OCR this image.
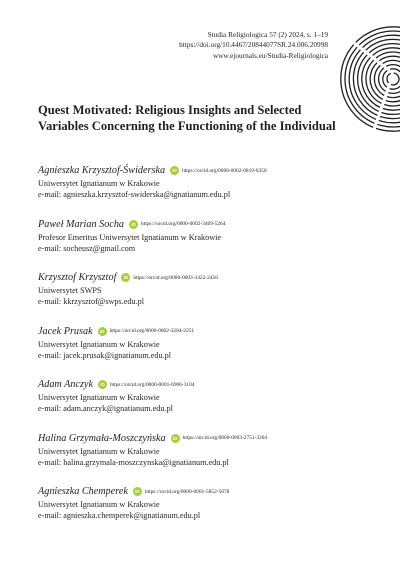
Studia Religiologica 57 (2) 2024, s. 1–19
https://doi.org/10.4467/20844077SR.24.006.20998
www.ejournals.eu/Studia-Religiologica
Quest Motivated: Religious Insights and Selected Variables Concerning the Functioning of the Individual
Agnieszka Krzysztof-Świderska	iD https://orcid.org/0000-0002-0819-0350
Uniwersytet Ignatianum w Krakowie
e-mail: agnieszka.krzysztof-swiderska@ignatianum.edu.pl
Paweł Marian Socha	iD https://orcid.org/0000-0002-3469-5264
Profesor Emeritus Uniwersytet Ignatianum w Krakowie
e-mail: socheusz@gmail.com
Krzysztof Krzysztof	iD https://orcid.org/0000-0003-3422-2456
Uniwersytet SWPS
e-mail: kkrzysztof@swps.edu.pl
Jacek Prusak	iD https://orcid.org/0000-0002-3204-2251
Uniwersytet Ignatianum w Krakowie
e-mail: jacek.prusak@ignatianum.edu.pl
Adam Anczyk	iD https://orcid.org/0000-0001-6906-3104
Uniwersytet Ignatianum w Krakowie
e-mail: adam.anczyk@ignatianum.edu.pl
Halina Grzymała-Moszczyńska	iD https://orcid.org/0000-0003-2751-3204
Uniwersytet Ignatianum w Krakowie
e-mail: halina.grzymala-moszczynska@ignatianum.edu.pl
Agnieszka Chemperek	iD https://orcid.org/0000-0001-5852-5078
Uniwersytet Ignatianum w Krakowie
e-mail: agnieszka.chemperek@ignatianum.edu.pl
